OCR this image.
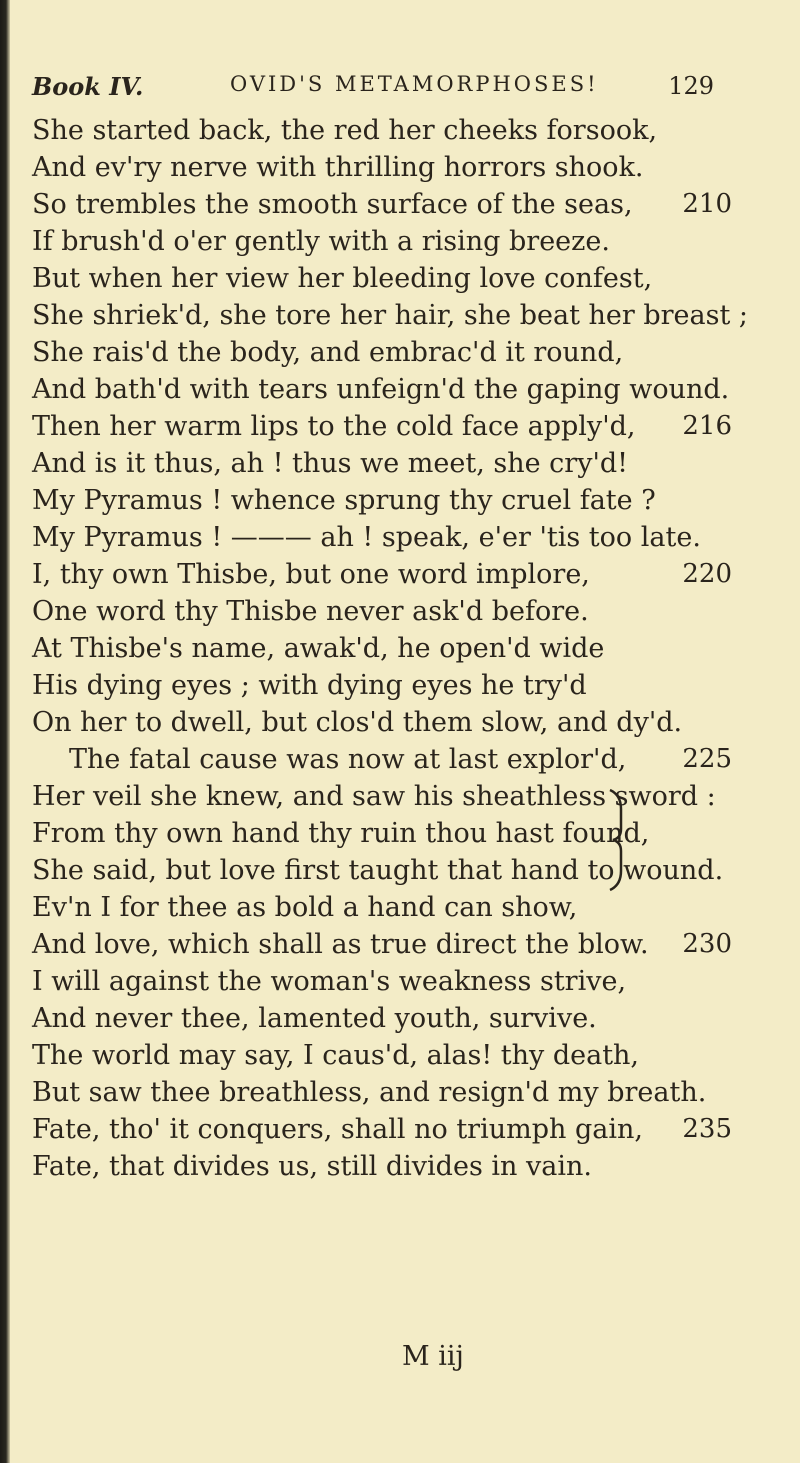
Book IV.	OVID'S METAMORPHOSES!	129
She started back, the red her cheeks forsook,
And ev'ry nerve with thrilling horrors shook.
So trembles the smooth surface of the seas, 210
If brush'd o'er gently with a rising breeze.
But when her view her bleeding love confest,
She shriek'd, she tore her hair, she beat her breast ;
She rais'd the body, and embrac'd it round,
And bath'd with tears unfeign'd the gaping wound.
Then her warm lips to the cold face apply'd, 216
And is it thus, ah ! thus we meet, she cry'd!
My Pyramus ! whence sprung thy cruel fate ?
My Pyramus ! ——— ah ! speak, e'er 'tis too late.
I, thy own Thisbe, but one word implore,	220
One word thy Thisbe never ask'd before.
At Thisbe's name, awak'd, he open'd wide
His dying eyes ; with dying eyes he try'd
On her to dwell, but clos'd them slow, and dy'd.
The fatal cause was now at last explor'd, 225
Her veil she knew, and saw his sheathless sword :
From thy own hand thy ruin thou hast found,
She said, but love first taught that hand to wound.
Ev'n I for thee as bold a hand can show,
And love, which shall as true direct the blow. 230
I will against the woman's weakness strive,
And never thee, lamented youth, survive.
The world may say, I caus'd, alas! thy death,
But saw thee breathless, and resign'd my breath.
Fate, tho' it conquers, shall no triumph gain, 235
Fate, that divides us, still divides in vain.
M iij
